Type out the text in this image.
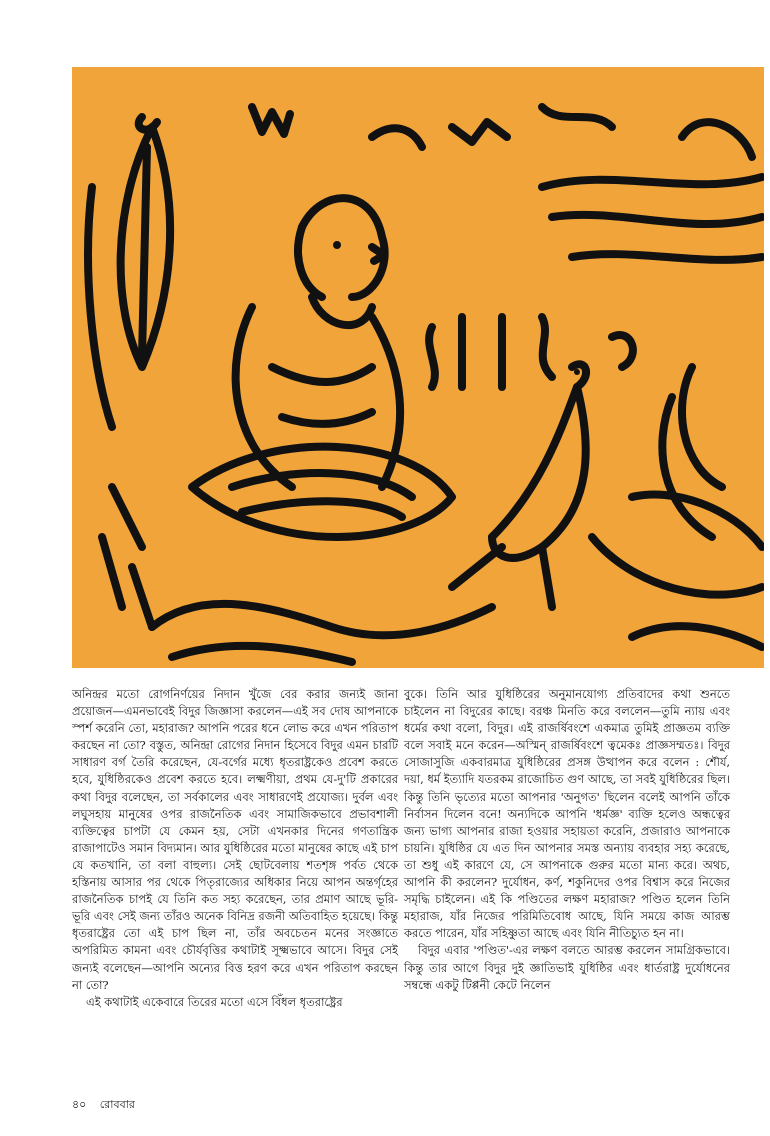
অনিন্দ্রর মতো রোগনির্ণয়ের নিদান খুঁজে বের করার জন্যই জানা প্রয়োজন—এমনভাবেই বিদুর জিজ্ঞাসা করলেন—এই সব দোষ আপনাকে স্পর্শ করেনি তো, মহারাজ? আপনি পরের ধনে লোভ করে এখন পরিতাপ করছেন না তো? বস্তুত, অনিন্দ্রা রোগের নিদান হিসেবে বিদুর এমন চারটি সাধারণ বর্গ তৈরি করেছেন, যে-বর্গের মধ্যে ধৃতরাষ্ট্রকেও প্রবেশ করতে হবে, যুধিষ্ঠিরকেও প্রবেশ করতে হবে। লক্ষ্মণীয়া, প্রথম যে-দু'টি প্রকারের কথা বিদুর বলেছেন, তা সর্বকালের এবং সাধারণেই প্রযোজ্য। দুর্বল এবং লঘুসহায় মানুষের ওপর রাজনৈতিক এবং সামাজিকভাবে প্রভাবশালী ব্যক্তিত্বের চাপটা যে কেমন হয়, সেটা এখনকার দিনের গণতান্ত্রিক রাজাপাটেও সমান বিদ্যমান। আর যুধিষ্ঠিরের মতো মানুষের কাছে এই চাপ যে কতখানি, তা বলা বাহুল্য। সেই ছোটবেলায় শতশৃঙ্গ পর্বত থেকে হস্তিনায় আসার পর থেকে পিতৃরাজ্যের অধিকার নিয়ে আপন অন্তর্গৃহের রাজনৈতিক চাপই যে তিনি কত সহ্য করেছেন, তার প্রমাণ আছে ভূরি-ভূরি এবং সেই জন্য তাঁরও অনেক বিনিদ্র রজনী অতিবাহিত হয়েছে। কিন্তু ধৃতরাষ্ট্রের তো এই চাপ ছিল না, তাঁর অবচেতন মনের সংজ্ঞাতে অপরিমিত কামনা এবং চৌর্যবৃত্তির কথাটাই সূক্ষ্মভাবে আসে। বিদুর সেই জন্যই বলেছেন—আপনি অন্যের বিত্ত হরণ করে এখন পরিতাপ করছেন না তো?

এই কথাটাই একেবারে তিরের মতো এসে বিঁধল ধৃতরাষ্ট্রের

বুকে। তিনি আর যুধিষ্ঠিরের অনুমানযোগ্য প্রতিবাদের কথা শুনতে চাইলেন না বিদুরের কাছে। বরঞ্চ মিনতি করে বললেন—তুমি ন্যায় এবং ধর্মের কথা বলো, বিদুর। এই রাজর্ষিবংশে একমাত্র তুমিই প্রাজ্ঞতম ব্যক্তি বলে সবাই মনে করেন—অস্মিন্ রাজর্ষিবংশে ত্বমেকঃ প্রাজ্ঞসম্মতঃ। বিদুর সোজাসুজি একবারমাত্র যুধিষ্ঠিরের প্রসঙ্গ উত্থাপন করে বলেন : শৌর্য, দয়া, ধর্ম ইত্যাদি যতরকম রাজোচিত গুণ আছে, তা সবই যুধিষ্ঠিরের ছিল। কিন্তু তিনি ভৃত্যের মতো আপনার 'অনুগত' ছিলেন বলেই আপনি তাঁকে নির্বাসন দিলেন বনে! অন্যদিকে আপনি 'ধর্মজ্ঞ' ব্যক্তি হলেও অন্ধত্বের জন্য ভাগ্য আপনার রাজা হওয়ার সহায়তা করেনি, প্রজারাও আপনাকে চায়নি। যুধিষ্ঠির যে এত দিন আপনার সমস্ত অন্যায় ব্যবহার সহ্য করেছে, তা শুধু এই কারণে যে, সে আপনাকে গুরুর মতো মান্য করে। অথচ, আপনি কী করলেন? দুর্যোধন, কর্ণ, শকুনিদের ওপর বিশ্বাস করে নিজের সমৃদ্ধি চাইলেন। এই কি পণ্ডিতের লক্ষণ মহারাজ? পণ্ডিত হলেন তিনি মহারাজ, যাঁর নিজের পরিমিতিবোধ আছে, যিনি সময়ে কাজ আরম্ভ করতে পারেন, যাঁর সহিষ্ণুতা আছে এবং যিনি নীতিচ্যুত হন না।

বিদুর এবার 'পণ্ডিত'-এর লক্ষণ বলতে আরম্ভ করলেন সামগ্রিকভাবে। কিন্তু তার আগে বিদুর দুই জ্ঞাতিভাই যুধিষ্ঠির এবং ধার্তরাষ্ট্র দুর্যোধনের সম্বন্ধে একটু টিপ্পনী কেটে নিলেন

৪০ রোববার
